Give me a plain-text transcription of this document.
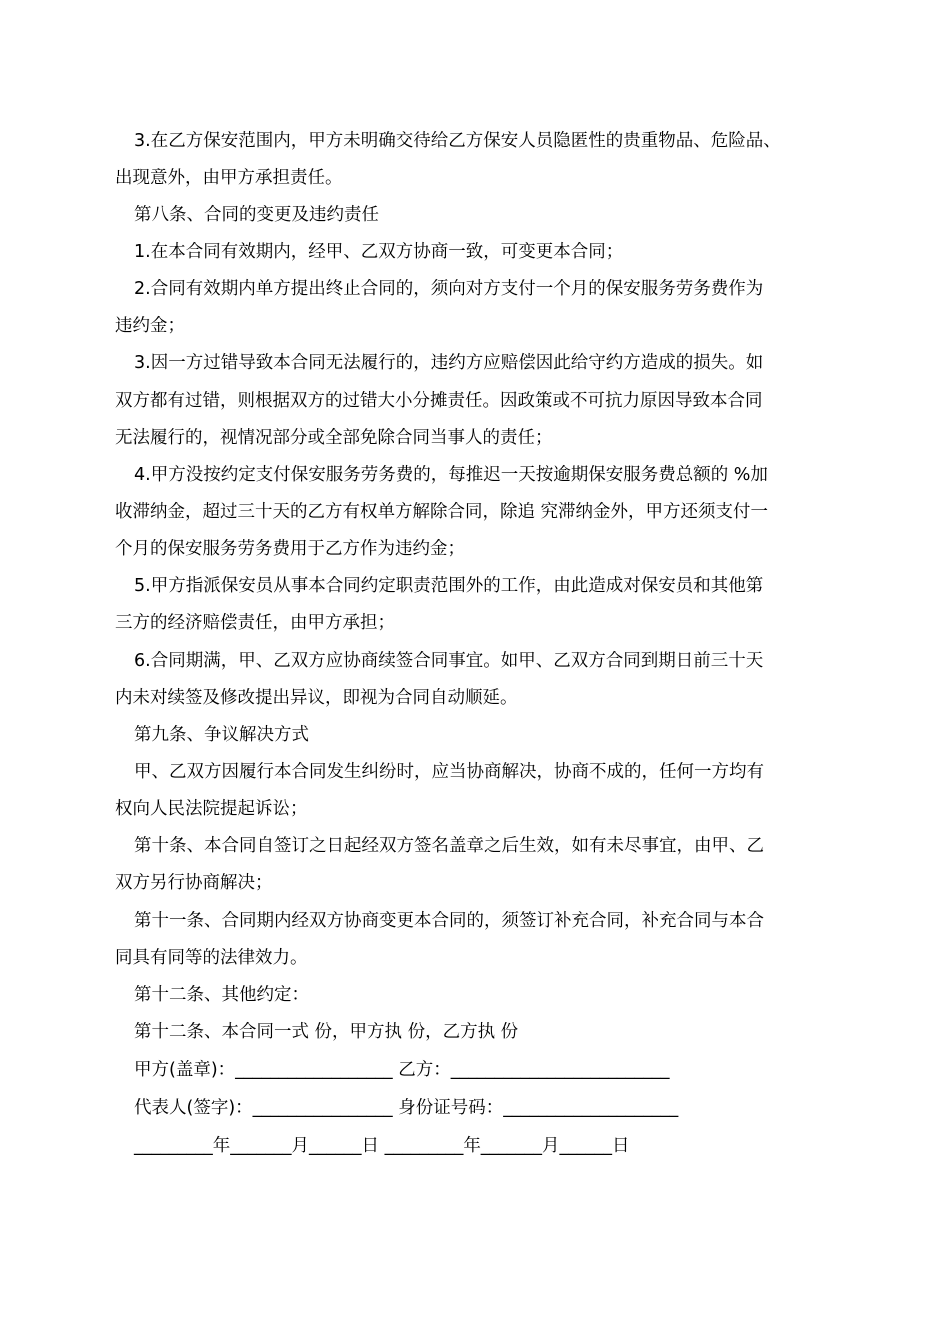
3.在乙方保安范围内，甲方未明确交待给乙方保安人员隐匿性的贵重物品、危险品、
出现意外，由甲方承担责任。
第八条、合同的变更及违约责任
1.在本合同有效期内，经甲、乙双方协商一致，可变更本合同；
2.合同有效期内单方提出终止合同的，须向对方支付一个月的保安服务劳务费作为
违约金；
3.因一方过错导致本合同无法履行的，违约方应赔偿因此给守约方造成的损失。如
双方都有过错，则根据双方的过错大小分摊责任。因政策或不可抗力原因导致本合同
无法履行的，视情况部分或全部免除合同当事人的责任；
4.甲方没按约定支付保安服务劳务费的，每推迟一天按逾期保安服务费总额的 %加
收滞纳金，超过三十天的乙方有权单方解除合同，除追 究滞纳金外，甲方还须支付一
个月的保安服务劳务费用于乙方作为违约金；
5.甲方指派保安员从事本合同约定职责范围外的工作，由此造成对保安员和其他第
三方的经济赔偿责任，由甲方承担；
6.合同期满，甲、乙双方应协商续签合同事宜。如甲、乙双方合同到期日前三十天
内未对续签及修改提出异议，即视为合同自动顺延。
第九条、争议解决方式
甲、乙双方因履行本合同发生纠纷时，应当协商解决，协商不成的，任何一方均有
权向人民法院提起诉讼；
第十条、本合同自签订之日起经双方签名盖章之后生效，如有未尽事宜，由甲、乙
双方另行协商解决；
第十一条、合同期内经双方协商变更本合同的，须签订补充合同，补充合同与本合
同具有同等的法律效力。
第十二条、其他约定：
第十二条、本合同一式 份，甲方执 份，乙方执 份
甲方(盖章)：__________________ 乙方：_________________________
代表人(签字)：________________ 身份证号码：____________________
_________年_______月______日 _________年_______月______日
